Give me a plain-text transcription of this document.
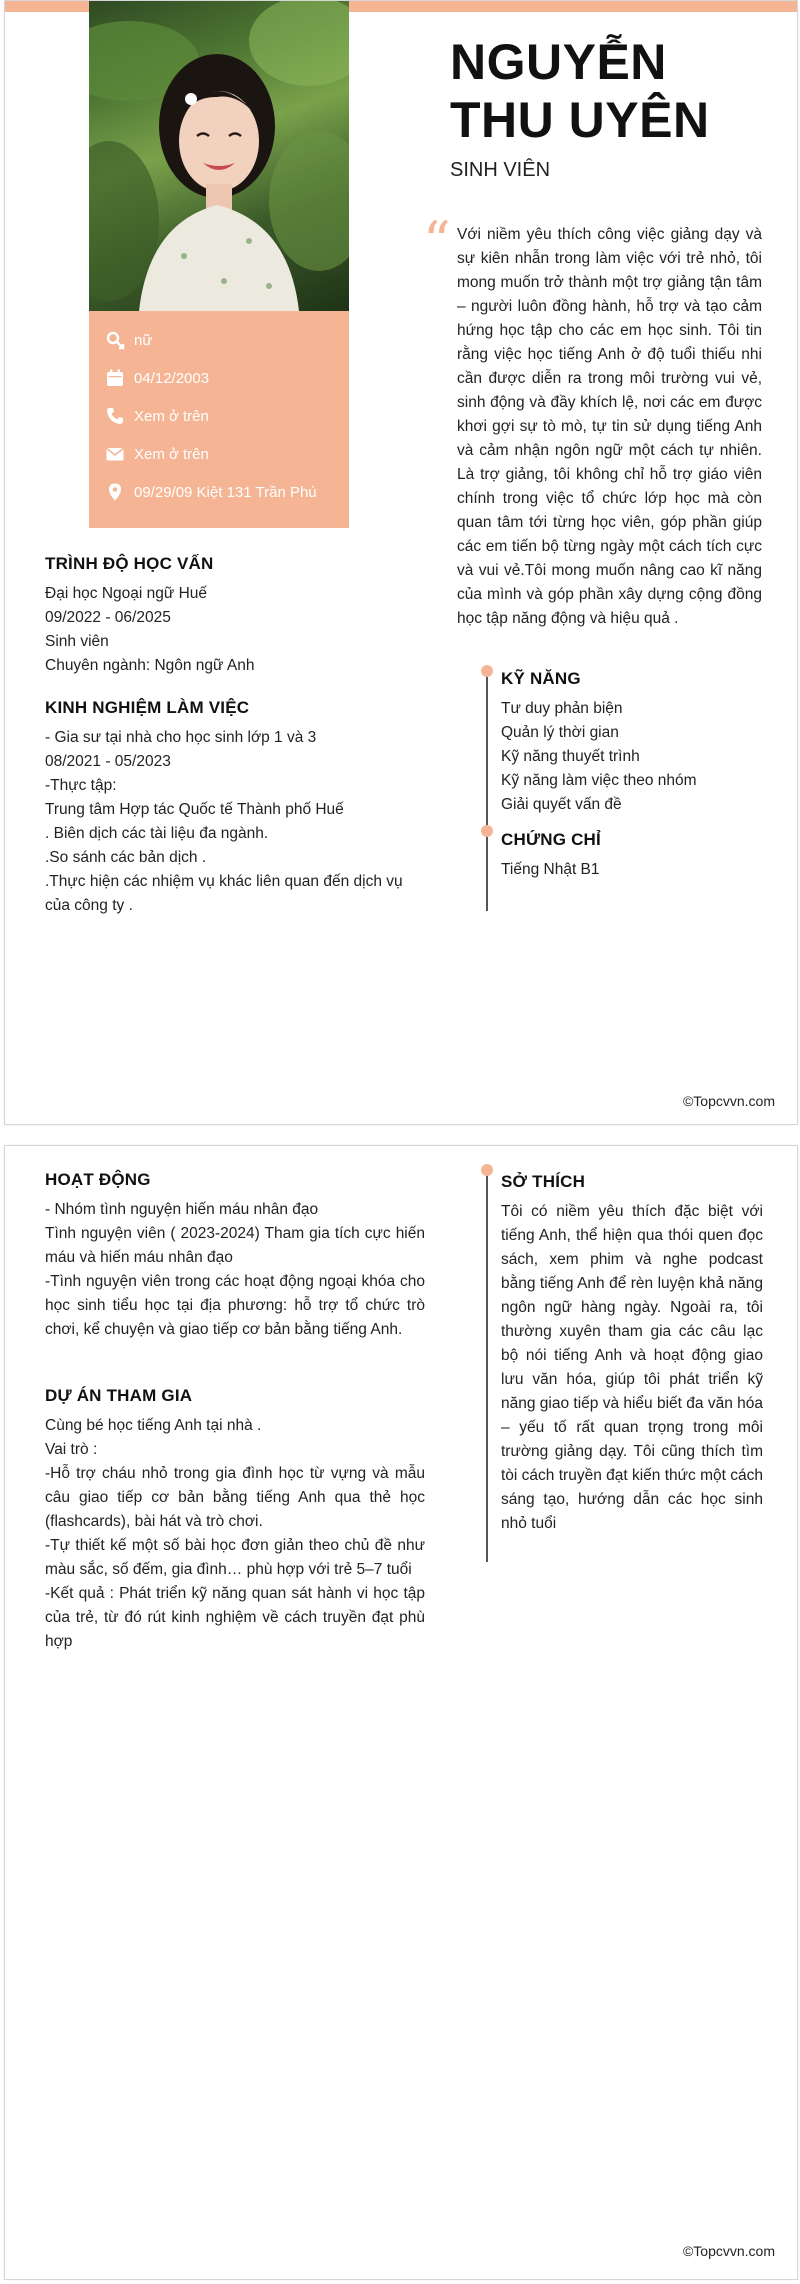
nữ
04/12/2003
Xem ở trên
Xem ở trên
09/29/09 Kiệt 131 Trần Phú
NGUYỄN THU UYÊN
SINH VIÊN
“ Với niềm yêu thích công việc giảng dạy và sự kiên nhẫn trong làm việc với trẻ nhỏ, tôi mong muốn trở thành một trợ giảng tận tâm – người luôn đồng hành, hỗ trợ và tạo cảm hứng học tập cho các em học sinh. Tôi tin rằng việc học tiếng Anh ở độ tuổi thiếu nhi cần được diễn ra trong môi trường vui vẻ, sinh động và đầy khích lệ, nơi các em được khơi gợi sự tò mò, tự tin sử dụng tiếng Anh và cảm nhận ngôn ngữ một cách tự nhiên. Là trợ giảng, tôi không chỉ hỗ trợ giáo viên chính trong việc tổ chức lớp học mà còn quan tâm tới từng học viên, góp phần giúp các em tiến bộ từng ngày một cách tích cực và vui vẻ.Tôi mong muốn nâng cao kĩ năng của mình và góp phần xây dựng cộng đồng học tập năng động và hiệu quả .
TRÌNH ĐỘ HỌC VẤN
Đại học Ngoại ngữ Huế
09/2022 - 06/2025
Sinh viên
Chuyên ngành: Ngôn ngữ Anh
KINH NGHIỆM LÀM VIỆC
- Gia sư tại nhà cho học sinh lớp 1 và 3
08/2021 - 05/2023
-Thực tập:
Trung tâm Hợp tác Quốc tế Thành phố Huế
. Biên dịch các tài liệu đa ngành.
.So sánh các bản dịch .
.Thực hiện các nhiệm vụ khác liên quan đến dịch vụ của công ty .
KỸ NĂNG
Tư duy phản biện
Quản lý thời gian
Kỹ năng thuyết trình
Kỹ năng làm việc theo nhóm
Giải quyết vấn đề
CHỨNG CHỈ
Tiếng Nhật B1
©Topcvvn.com
HOẠT ĐỘNG
- Nhóm tình nguyện hiến máu nhân đạo
Tình nguyện viên ( 2023-2024) Tham gia tích cực hiến máu và hiến máu nhân đạo
-Tình nguyện viên trong các hoạt động ngoại khóa cho học sinh tiểu học tại địa phương: hỗ trợ tổ chức trò chơi, kể chuyện và giao tiếp cơ bản bằng tiếng Anh.
DỰ ÁN THAM GIA
Cùng bé học tiếng Anh tại nhà .
Vai trò :
-Hỗ trợ cháu nhỏ trong gia đình học từ vựng và mẫu câu giao tiếp cơ bản bằng tiếng Anh qua thẻ học (flashcards), bài hát và trò chơi.
-Tự thiết kế một số bài học đơn giản theo chủ đề như màu sắc, số đếm, gia đình… phù hợp với trẻ 5–7 tuổi
-Kết quả : Phát triển kỹ năng quan sát hành vi học tập của trẻ, từ đó rút kinh nghiệm về cách truyền đạt phù hợp
SỞ THÍCH
Tôi có niềm yêu thích đặc biệt với tiếng Anh, thể hiện qua thói quen đọc sách, xem phim và nghe podcast bằng tiếng Anh để rèn luyện khả năng ngôn ngữ hàng ngày. Ngoài ra, tôi thường xuyên tham gia các câu lạc bộ nói tiếng Anh và hoạt động giao lưu văn hóa, giúp tôi phát triển kỹ năng giao tiếp và hiểu biết đa văn hóa – yếu tố rất quan trọng trong môi trường giảng dạy. Tôi cũng thích tìm tòi cách truyền đạt kiến thức một cách sáng tạo, hướng dẫn các học sinh nhỏ tuổi
©Topcvvn.com
